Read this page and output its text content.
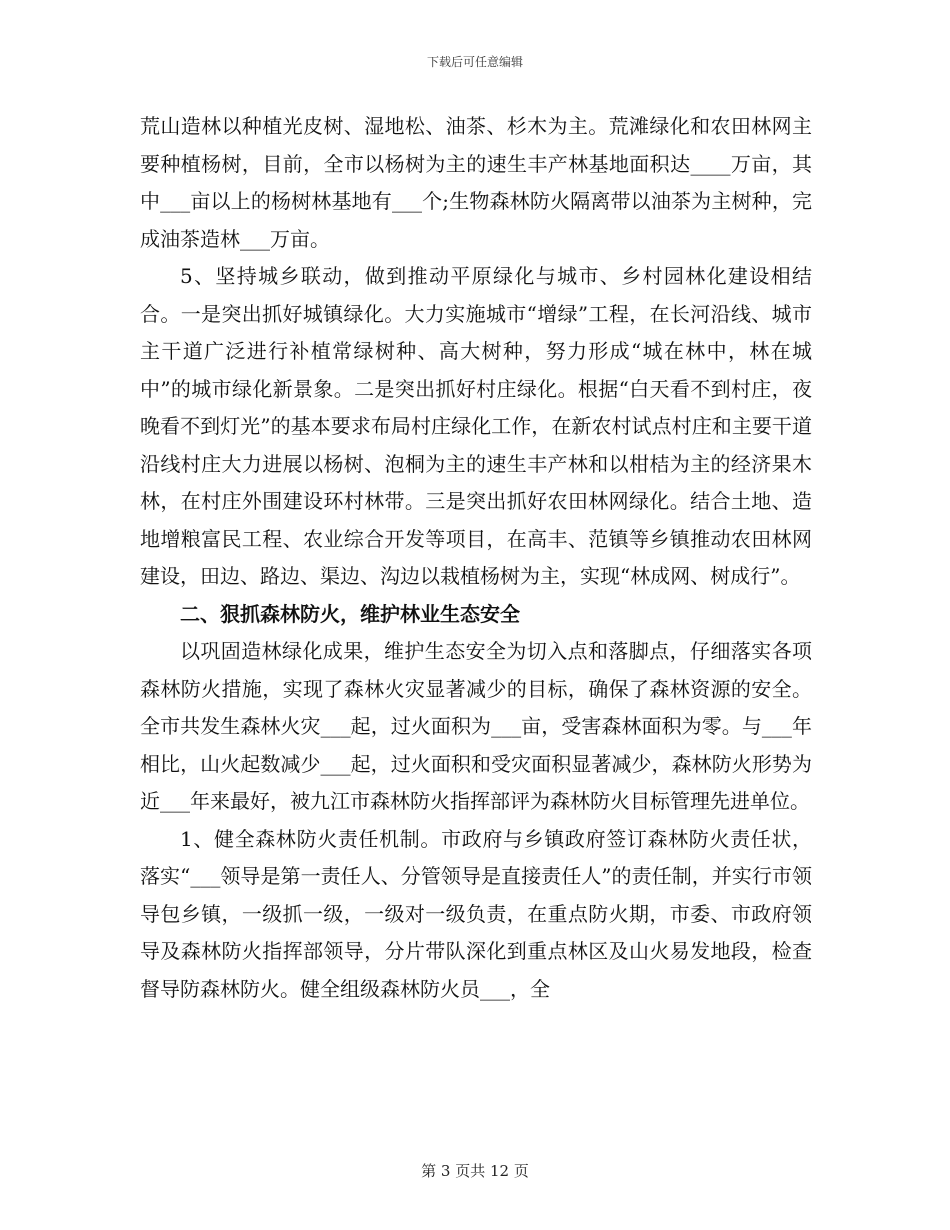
下载后可任意编辑

荒山造林以种植光皮树、湿地松、油茶、杉木为主。荒滩绿化和农田林网主要种植杨树，目前，全市以杨树为主的速生丰产林基地面积达____万亩，其中___亩以上的杨树林基地有___个;生物森林防火隔离带以油茶为主树种，完成油茶造林___万亩。

5、坚持城乡联动，做到推动平原绿化与城市、乡村园林化建设相结合。一是突出抓好城镇绿化。大力实施城市“增绿”工程，在长河沿线、城市主干道广泛进行补植常绿树种、高大树种，努力形成“城在林中，林在城中”的城市绿化新景象。二是突出抓好村庄绿化。根据“白天看不到村庄，夜晚看不到灯光”的基本要求布局村庄绿化工作，在新农村试点村庄和主要干道沿线村庄大力进展以杨树、泡桐为主的速生丰产林和以柑桔为主的经济果木林，在村庄外围建设环村林带。三是突出抓好农田林网绿化。结合土地、造地增粮富民工程、农业综合开发等项目，在高丰、范镇等乡镇推动农田林网建设，田边、路边、渠边、沟边以栽植杨树为主，实现“林成网、树成行”。

二、狠抓森林防火，维护林业生态安全

以巩固造林绿化成果，维护生态安全为切入点和落脚点，仔细落实各项森林防火措施，实现了森林火灾显著减少的目标，确保了森林资源的安全。全市共发生森林火灾___起，过火面积为___亩，受害森林面积为零。与___年相比，山火起数减少___起，过火面积和受灾面积显著减少，森林防火形势为近___年来最好，被九江市森林防火指挥部评为森林防火目标管理先进单位。

1、健全森林防火责任机制。市政府与乡镇政府签订森林防火责任状，落实“___领导是第一责任人、分管领导是直接责任人”的责任制，并实行市领导包乡镇，一级抓一级，一级对一级负责，在重点防火期，市委、市政府领导及森林防火指挥部领导，分片带队深化到重点林区及山火易发地段，检查督导防森林防火。健全组级森林防火员___，全

第 3 页共 12 页
